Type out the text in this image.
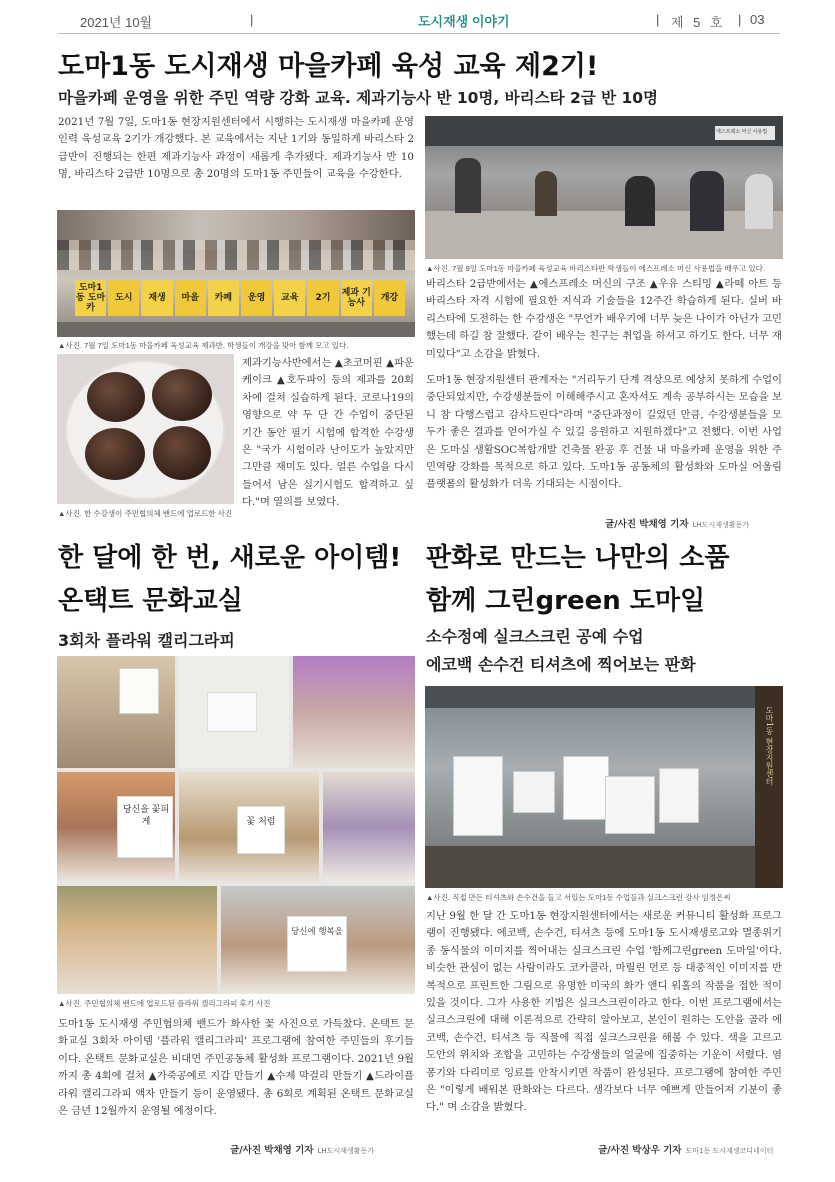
2021년 10월	|	도시재생 이야기	| 제 5 호 | 03
도마1동 도시재생 마을카페 육성 교육 제2기!
마을카페 운영을 위한 주민 역량 강화 교육. 제과기능사 반 10명, 바리스타 2급 반 10명
2021년 7월 7일, 도마1동 현장지원센터에서 시행하는 도시재생 마을카페 운영인력 육성교육 2기가 개강했다. 본 교육에서는 지난 1기와 동일하게 바리스타 2급반이 진행되는 한편 제과기능사 과정이 새롭게 추가됐다. 제과기능사 반 10명, 바리스타 2급반 10명으로 총 20명의 도마1동 주민들이 교육을 수강한다.
도마1동 도마카
도시	재생	마을	카페	운영	교육	2기	제과 기능사	개강
▲사진. 7월 7일 도마1동 마을카페 육성교육 제과반, 학생들이 개강을 맞아 함께 모고 있다.
▲사진. 한 수강생이 주민협의체 밴드에 업로드한 사진
제과기능사반에서는 ▲초코머핀 ▲파운케이크 ▲호두파이 등의 제과를 20회차에 걸쳐 실습하게 된다. 코로나19의 영향으로 약 두 단 간 수업이 중단된 기간 동안 필기 시험에 합격한 수강생은 "국가 시험이라 난이도가 높았지만 그만큼 재미도 있다. 얼른 수업을 다시 들어서 남은 실기시험도 합격하고 싶다."며 열의를 보였다.
에스프레소 머신 사용법
▲사진. 7월 9일 도마1동 마을카페 육성교육 바리스타반 학생들이 에스프레소 머신 사용법을 배우고 있다.
바리스타 2급반에서는 ▲에스프레소 머신의 구조 ▲우유 스티밍 ▲라떼 아트 등 바리스타 자격 시험에 필요한 지식과 기술들을 12주간 학습하게 된다. 실버 바리스타에 도전하는 한 수강생은 "무언가 배우기에 너무 늦은 나이가 아닌가 고민했는데 하길 참 잘했다. 같이 배우는 친구는 취업을 하셔고 하기도 한다. 너무 재미있다"고 소감을 밝혔다.
도마1동 현장지원센터 관계자는 "거리두기 단계 격상으로 예상치 못하게 수업이 중단되었지만, 수강생분들이 이해해주시고 혼자서도 계속 공부하시는 모습을 보니 참 다행스럽고 감사드린다"라며 "중단과정이 길었던 만큼, 수강생분들을 모두가 좋은 결과를 얻어가실 수 있길 응원하고 지원하겠다"고 전했다. 이번 사업은 도마실 생활SOC복합개발 건축물 완공 후 건물 내 마을카페 운영을 위한 주민역량 강화를 목적으로 하고 있다. 도마1동 공동체의 활성화와 도마실 어울림플랫폼의 활성화가 더욱 기대되는 시점이다.
글/사진 박채영 기자 LH도시재생활동가
한 달에 한 번, 새로운 아이템!
온택트 문화교실
3회차 플라워 캘리그라피
당신을 꽃피게	꽃 처럼
당신에 행복을
▲사진. 주민협의체 밴드에 업로드된 플라워 캘리그라피 후기 사진
도마1동 도시재생 주민협의체 밴드가 화사한 꽃 사진으로 가득찼다. 온택트 문화교실 3회차 아이템 '플라워 캘리그라피' 프로그램에 참여한 주민들의 후기들이다. 온택트 문화교실은 비대면 주민공동체 활성화 프로그램이다. 2021년 9월까지 총 4회에 걸쳐 ▲가죽공예로 지갑 만들기 ▲수제 막걸리 만들기 ▲드라이플라워 캘리그라피 액자 만들기 등이 운영됐다. 총 6회로 계획된 온택트 문화교실은 금년 12월까지 운영될 예정이다.
글/사진 박채영 기자 LH도시재생활동가
판화로 만드는 나만의 소품
함께 그린green 도마일
소수정예 실크스크린 공예 수업
에코백 손수건 티셔츠에 찍어보는 판화
도마1동 현장지원센터
▲사진. 직접 만든 티셔츠와 손수건을 들고 서있는 도마1동 수업들과 실크스크린 강사 임정은씨
지난 9월 한 달 간 도마1동 현장지원센터에서는 새로운 커뮤니티 활성화 프로그램이 진행됐다. 에코백, 손수건, 티셔츠 등에 도마1동 도시재생로고와 멸종위기종 동식물의 이미지를 찍어내는 실크스크린 수업 '함께그린green 도마일'이다. 비슷한 관심이 없는 사람이라도 코카콜라, 마릴린 먼로 등 대중적인 이미지를 반복적으로 프린트한 그림으로 유명한 미국의 화가 앤디 워홀의 작품을 접한 적이 있을 것이다. 그가 사용한 기법은 실크스크린이라고 한다. 이번 프로그램에서는 실크스크린에 대해 이론적으로 간략히 알아보고, 본인이 원하는 도안을 골라 에코백, 손수건, 티셔츠 등 직물에 직접 실크스크린을 해볼 수 있다. 색을 고르고 도안의 위치와 조합을 고민하는 수강생들의 얼굴에 집중하는 기운이 서렸다. 염퐁기와 다리미로 잉료를 안착시키면 작품이 완성된다. 프로그램에 참여한 주민은 "이렇게 배워본 판화와는 다르다. 생각보다 너무 예쁘게 만들어져 기분이 좋다." 며 소감을 밝혔다.
글/사진 박상우 기자 도마1동 도시재생코디네이터
